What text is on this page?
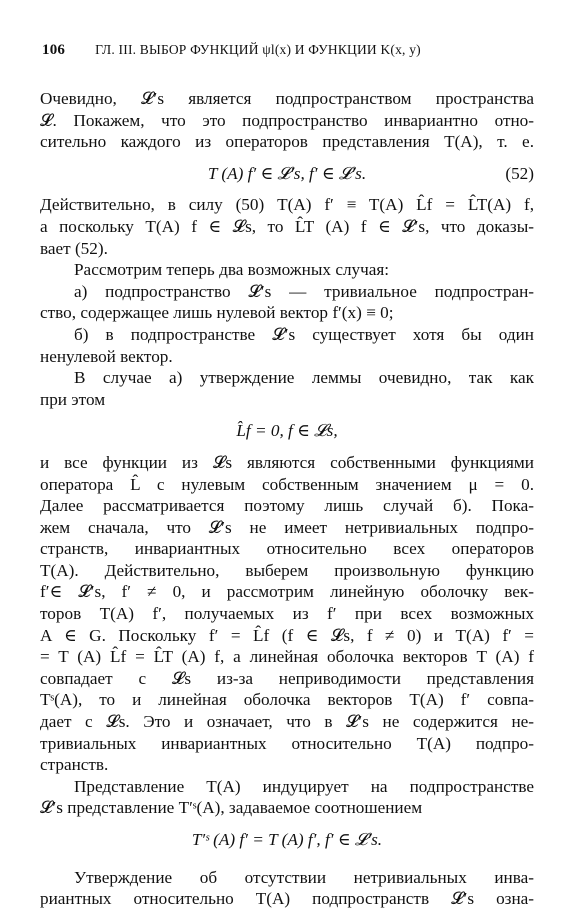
106 ГЛ. III. ВЫБОР ФУНКЦИЙ ψl(x) И ФУНКЦИИ K(x, y)
Очевидно, 𝓛′s является подпространством пространства
𝓛. Покажем, что это подпространство инвариантно отно-
сительно каждого из операторов представления T(A), т. е.
T (A) f′ ∈ 𝓛′s, f′ ∈ 𝓛′s.	(52)
Действительно, в силу (50) T(A) f′ ≡ T(A) L̂f = L̂T(A) f,
а поскольку T(A) f ∈ 𝓛s, то L̂T (A) f ∈ 𝓛′s, что доказы-
вает (52).
Рассмотрим теперь два возможных случая:
а) подпространство 𝓛′s — тривиальное подпростран-
ство, содержащее лишь нулевой вектор f′(x) ≡ 0;
б) в подпространстве 𝓛′s существует хотя бы один
ненулевой вектор.
В случае а) утверждение леммы очевидно, так как
при этом
L̂f = 0, f ∈ 𝓛s,
и все функции из 𝓛s являются собственными функциями
оператора L̂ с нулевым собственным значением μ = 0.
Далее рассматривается поэтому лишь случай б). Пока-
жем сначала, что 𝓛′s не имеет нетривиальных подпро-
странств, инвариантных относительно всех операторов
T(A). Действительно, выберем произвольную функцию
f′∈ 𝓛′s, f′ ≠ 0, и рассмотрим линейную оболочку век-
торов T(A) f′, получаемых из f′ при всех возможных
A ∈ G. Поскольку f′ = L̂f (f ∈ 𝓛s, f ≠ 0) и T(A) f′ =
= T (A) L̂f = L̂T (A) f, а линейная оболочка векторов T (A) f
совпадает с 𝓛s из-за неприводимости представления
Tˢ(A), то и линейная оболочка векторов T(A) f′ совпа-
дает с 𝓛s. Это и означает, что в 𝓛′s не содержится не-
тривиальных инвариантных относительно T(A) подпро-
странств.
Представление T(A) индуцирует на подпространстве
𝓛′s представление T′ˢ(A), задаваемое соотношением
T′ˢ (A) f′ = T (A) f′, f′ ∈ 𝓛′s.
Утверждение об отсутствии нетривиальных инва-
риантных относительно T(A) подпространств 𝓛′s озна-
